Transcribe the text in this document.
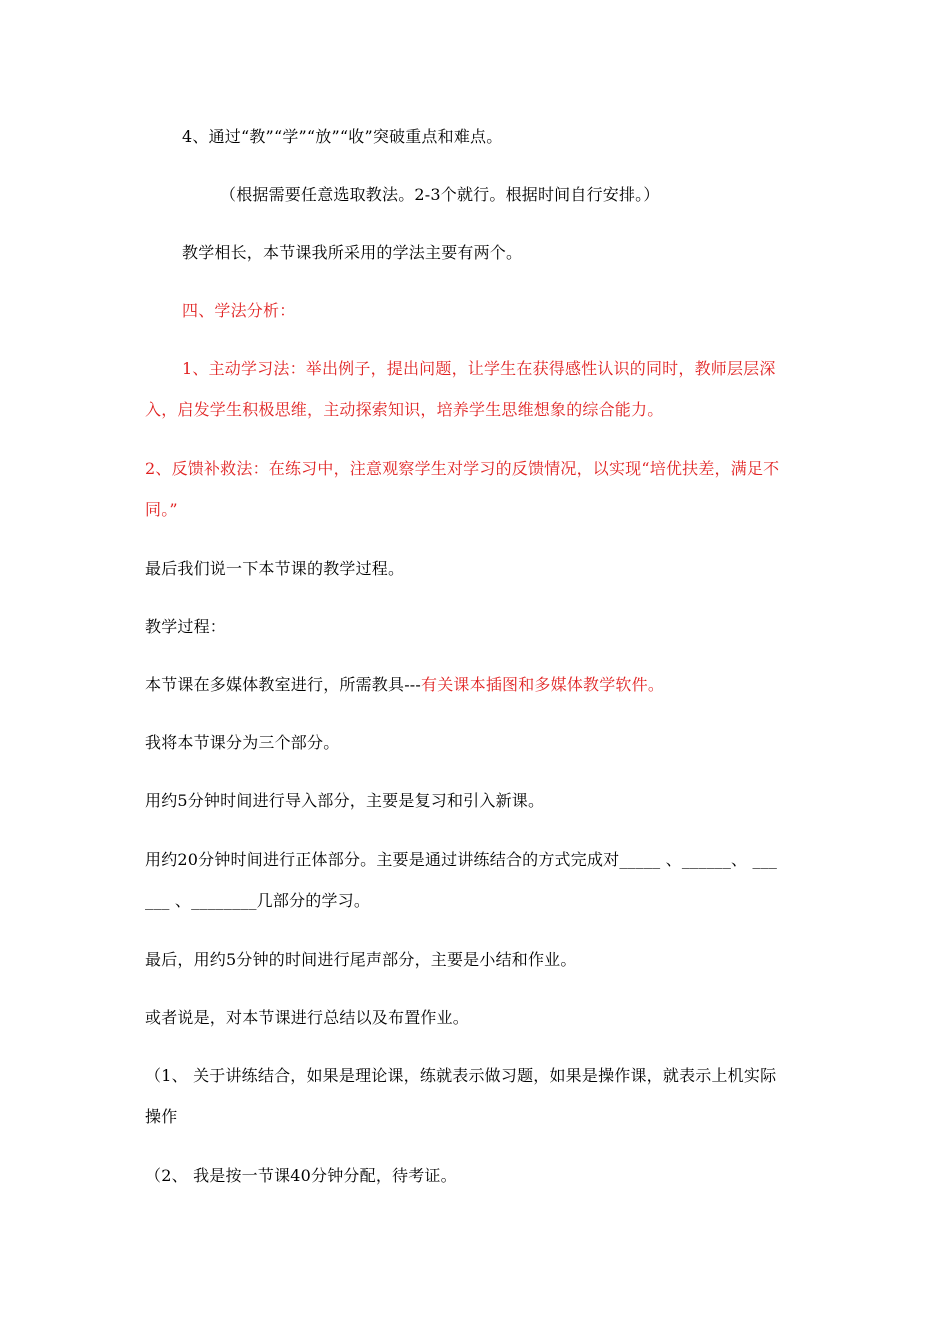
4、通过“教”“学”“放”“收”突破重点和难点。
（根据需要任意选取教法。2-3个就行。根据时间自行安排。）
教学相长，本节课我所采用的学法主要有两个。
四、学法分析：
1、主动学习法：举出例子，提出问题，让学生在获得感性认识的同时，教师层层深
入，启发学生积极思维，主动探索知识，培养学生思维想象的综合能力。
2、反馈补救法：在练习中，注意观察学生对学习的反馈情况，以实现“培优扶差，满足不
同。”
最后我们说一下本节课的教学过程。
教学过程：
本节课在多媒体教室进行，所需教具---有关课本插图和多媒体教学软件。
我将本节课分为三个部分。
用约5分钟时间进行导入部分，主要是复习和引入新课。
用约20分钟时间进行正体部分。主要是通过讲练结合的方式完成对_____ 、______、 ___
___ 、________几部分的学习。
最后，用约5分钟的时间进行尾声部分，主要是小结和作业。
或者说是，对本节课进行总结以及布置作业。
（1、 关于讲练结合，如果是理论课，练就表示做习题，如果是操作课，就表示上机实际
操作
（2、 我是按一节课40分钟分配，待考证。
